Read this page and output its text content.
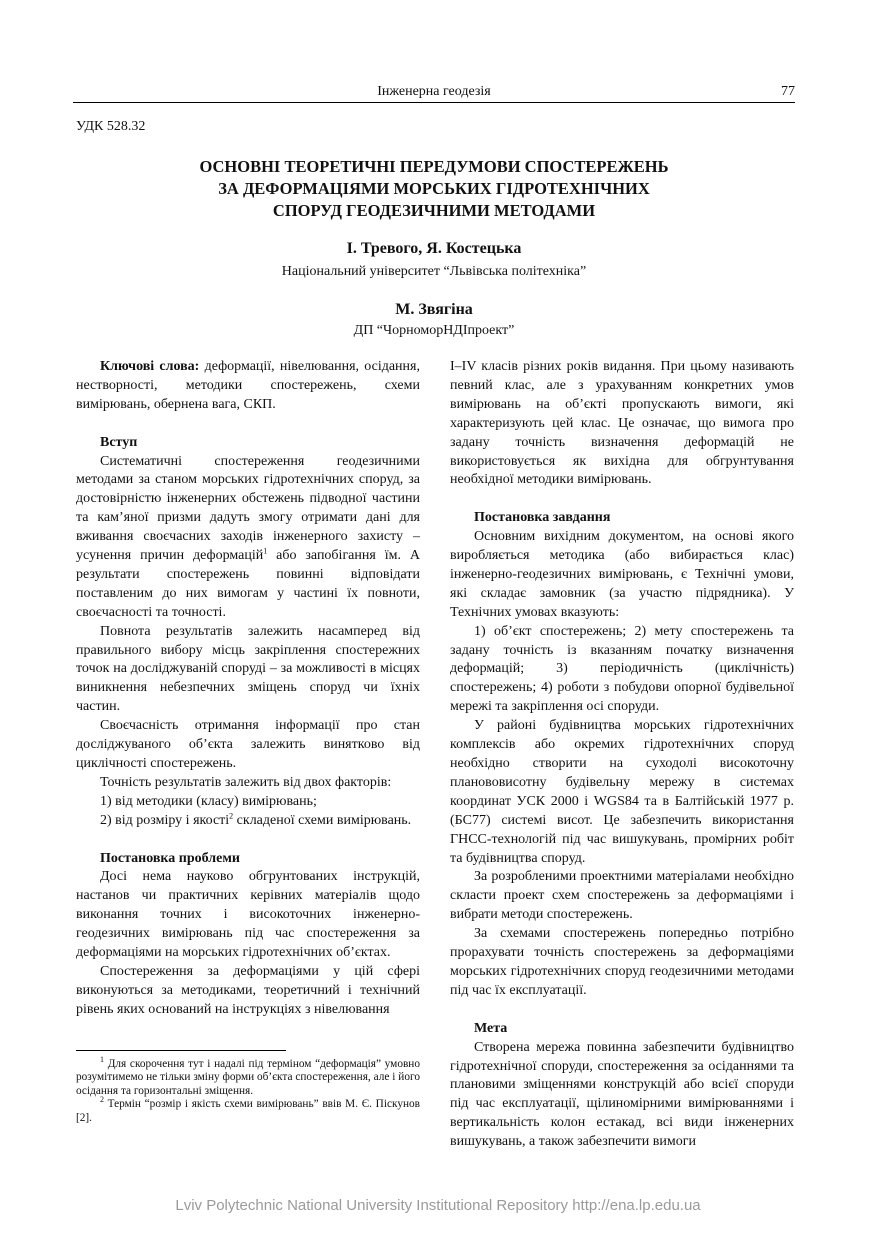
Інженерна геодезія	77
УДК 528.32
ОСНОВНІ ТЕОРЕТИЧНІ ПЕРЕДУМОВИ СПОСТЕРЕЖЕНЬ
ЗА ДЕФОРМАЦІЯМИ МОРСЬКИХ ГІДРОТЕХНІЧНИХ
СПОРУД ГЕОДЕЗИЧНИМИ МЕТОДАМИ
І. Тревого, Я. Костецька
Національний університет “Львівська політехніка”
М. Звягіна
ДП “ЧорноморНДІпроект”

Ключові слова: деформації, нівелювання, осідання, нестворності, методики спостережень, схеми вимірювань, обернена вага, СКП.

Вступ

Систематичні спостереження геодезичними методами за станом морських гідротехнічних споруд, за достовірністю інженерних обстежень підводної частини та кам’яної призми дадуть змогу отримати дані для вживання своєчасних заходів інженерного захисту – усунення причин деформацій$^1$ або запобігання їм. А результати спостережень повинні відповідати поставленим до них вимогам у частині їх повноти, своєчасності та точності.

Повнота результатів залежить насамперед від правильного вибору місць закріплення спостережних точок на досліджуваній споруді – за можливості в місцях виникнення небезпечних зміщень споруд чи їхніх частин.

Своєчасність отримання інформації про стан досліджуваного об’єкта залежить винятково від циклічності спостережень.

Точність результатів залежить від двох факторів:

1) від методики (класу) вимірювань;

2) від розміру і якості$^2$ складеної схеми вимірювань.

Постановка проблеми

Досі нема науково обгрунтованих інструкцій, настанов чи практичних керівних матеріалів щодо виконання точних і високоточних інженерно-геодезичних вимірювань під час спостереження за деформаціями на морських гідротехнічних об’єктах.

Спостереження за деформаціями у цій сфері виконуються за методиками, теоретичний і технічний рівень яких оснований на інструкціях з нівелювання

I–IV класів різних років видання. При цьому називають певний клас, але з урахуванням конкретних умов вимірювань на об’єкті пропускають вимоги, які характеризують цей клас. Це означає, що вимога про задану точність визначення деформацій не використовується як вихідна для обгрунтування необхідної методики вимірювань.

Постановка завдання

Основним вихідним документом, на основі якого виробляється методика (або вибирається клас) інженерно-геодезичних вимірювань, є Технічні умови, які складає замовник (за участю підрядника). У Технічних умовах вказують:

1) об’єкт спостережень; 2) мету спостережень та задану точність із вказанням початку визначення деформацій; 3) періодичність (циклічність) спостережень; 4) роботи з побудови опорної будівельної мережі та закріплення осі споруди.

У районі будівництва морських гідротехнічних комплексів або окремих гідротехнічних споруд необхідно створити на суходолі високоточну планововисотну будівельну мережу в системах координат УСК 2000 і WGS84 та в Балтійській 1977 р. (БС77) системі висот. Це забезпечить використання ГНСС-технологій під час вишукувань, промірних робіт та будівництва споруд.

За розробленими проектними матеріалами необхідно скласти проект схем спостережень за деформаціями і вибрати методи спостережень.

За схемами спостережень попередньо потрібно прорахувати точність спостережень за деформаціями морських гідротехнічних споруд геодезичними методами під час їх експлуатації.

Мета

Створена мережа повинна забезпечити будівництво гідротехнічної споруди, спостереження за осіданнями та плановими зміщеннями конструкцій або всієї споруди під час експлуатації, щілиномірними вимірюваннями і вертикальність колон естакад, всі види інженерних вишукувань, а також забезпечити вимоги

$^1$ Для скорочення тут і надалі під терміном “деформація” умовно розумітимемо не тільки зміну форми об’єкта спостереження, але і його осідання та горизонтальні зміщення.

$^2$ Термін “розмір і якість схеми вимірювань” ввів М. Є. Піскунов [2].

Lviv Polytechnic National University Institutional Repository http://ena.lp.edu.ua
